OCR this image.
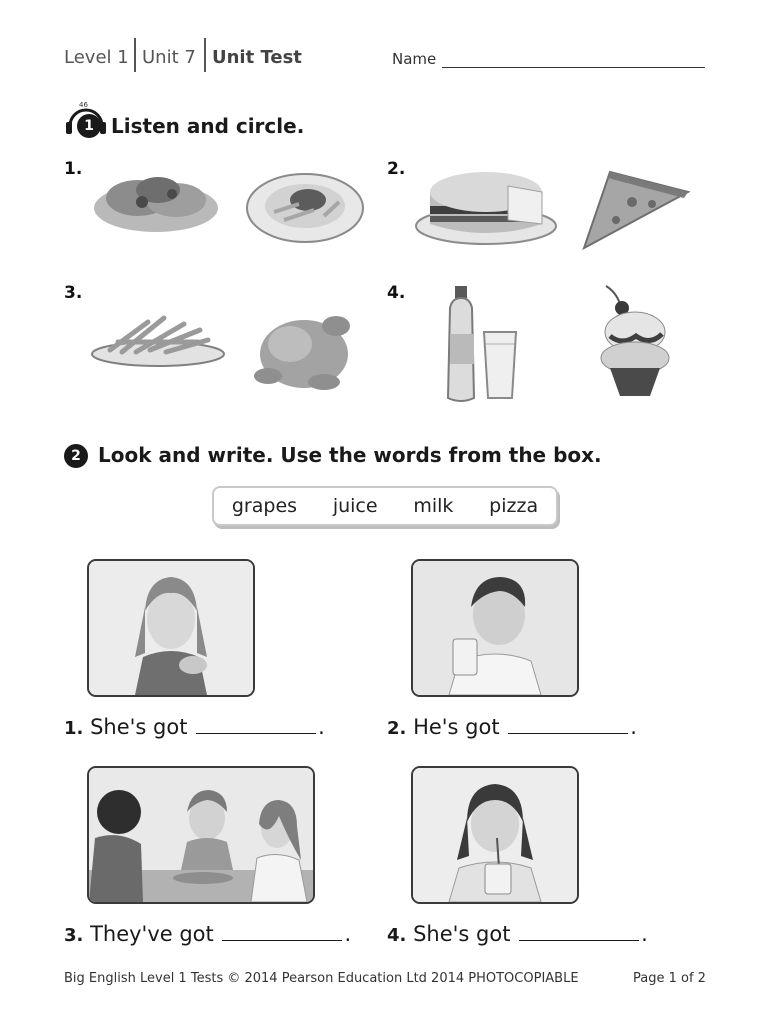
Level 1 Unit 7 Unit Test	Name
46
1 Listen and circle.
1.	2.
3.	4.
2 Look and write. Use the words from the box.
grapes juice milk pizza
1. She's got	.	2. He's got	.
3. They've got	. 4. She's got	.
Big English Level 1 Tests © 2014 Pearson Education Ltd 2014 PHOTOCOPIABLE	Page 1 of 2
